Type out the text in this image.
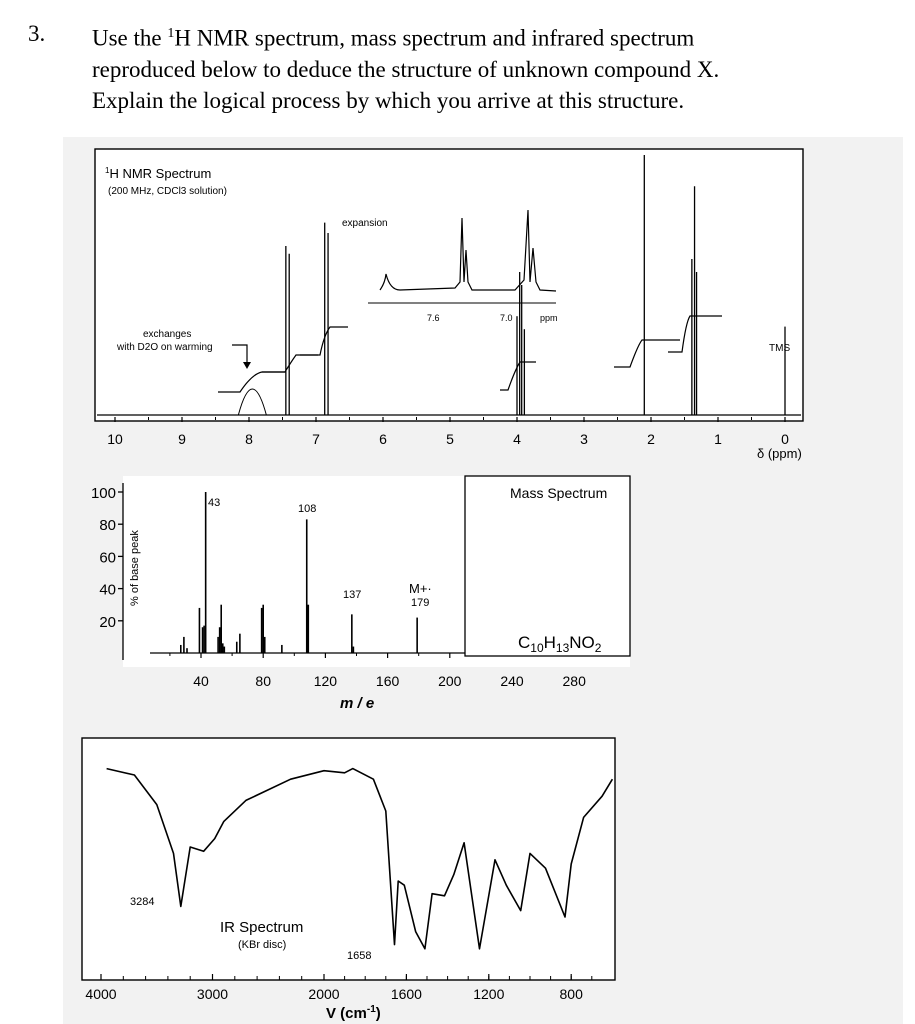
3. Use the $^1$H NMR spectrum, mass spectrum and infrared spectrum
reproduced below to deduce the structure of unknown compound X.
Explain the logical process by which you arrive at this structure.
$^1$H NMR Spectrum
(200 MHz, CDCl3 solution)
expansion
7.6	7.0	ppm
exchanges
with D2O on warming	TMS
10	9	8	7	6	5	4	3	2	1	0
δ (ppm)
Mass Spectrum
$C_{10}H_{13}NO_2$
% of base peak
100
80
60
40
20
40	80	120	160	200	240	280
43	108
137	M+·
179
m / e
4000	3000	2000	1600	1200	800
3284
1658
IR Spectrum
(KBr disc)
V $(cm^{-1})$
